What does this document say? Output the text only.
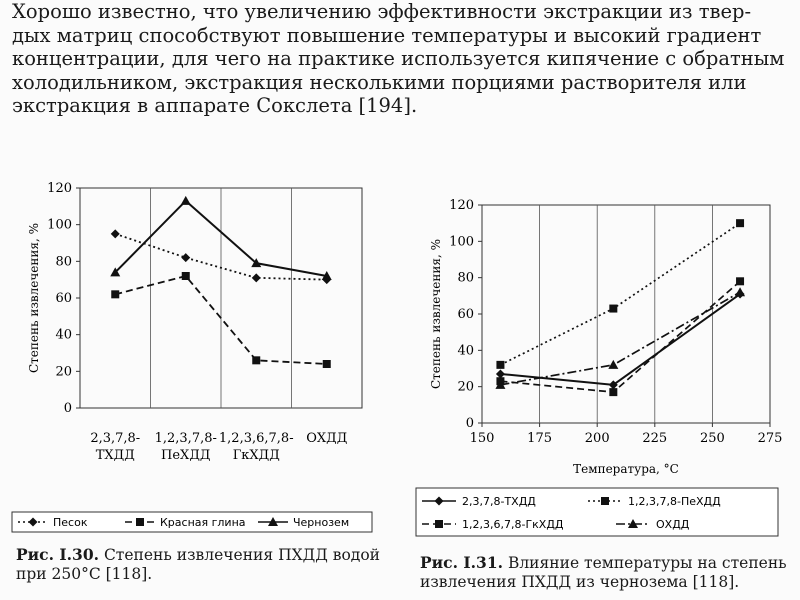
Хорошо известно, что увеличению эффективности экстракции из твер-
дых матриц способствуют повышение температуры и высокий градиент
концентрации, для чего на практике используется кипячение с обратным
холодильником, экстракция несколькими порциями растворителя или
экстракция в аппарате Сокслета [194].

0
20
40
60
80
100
120
Степень извлечения, %
2,3,7,8-ТХДД
1,2,3,7,8-ПеХДД
1,2,3,6,7,8-ГкХДД
ОХДД
Песок	Красная глина	Чернозем
150	175	200	225	250	275
0
20
40
60
80
100
120
Степень извлечения, %
Температура, °С
2,3,7,8-ТХДД	1,2,3,7,8-ПеХДД
1,2,3,6,7,8-ГкХДД	ОХДД

Рис. I.30. Степень извлечения ПХДД водой при 250°С [118].

Рис. I.31. Влияние температуры на степень извлечения ПХДД из чернозема [118].
